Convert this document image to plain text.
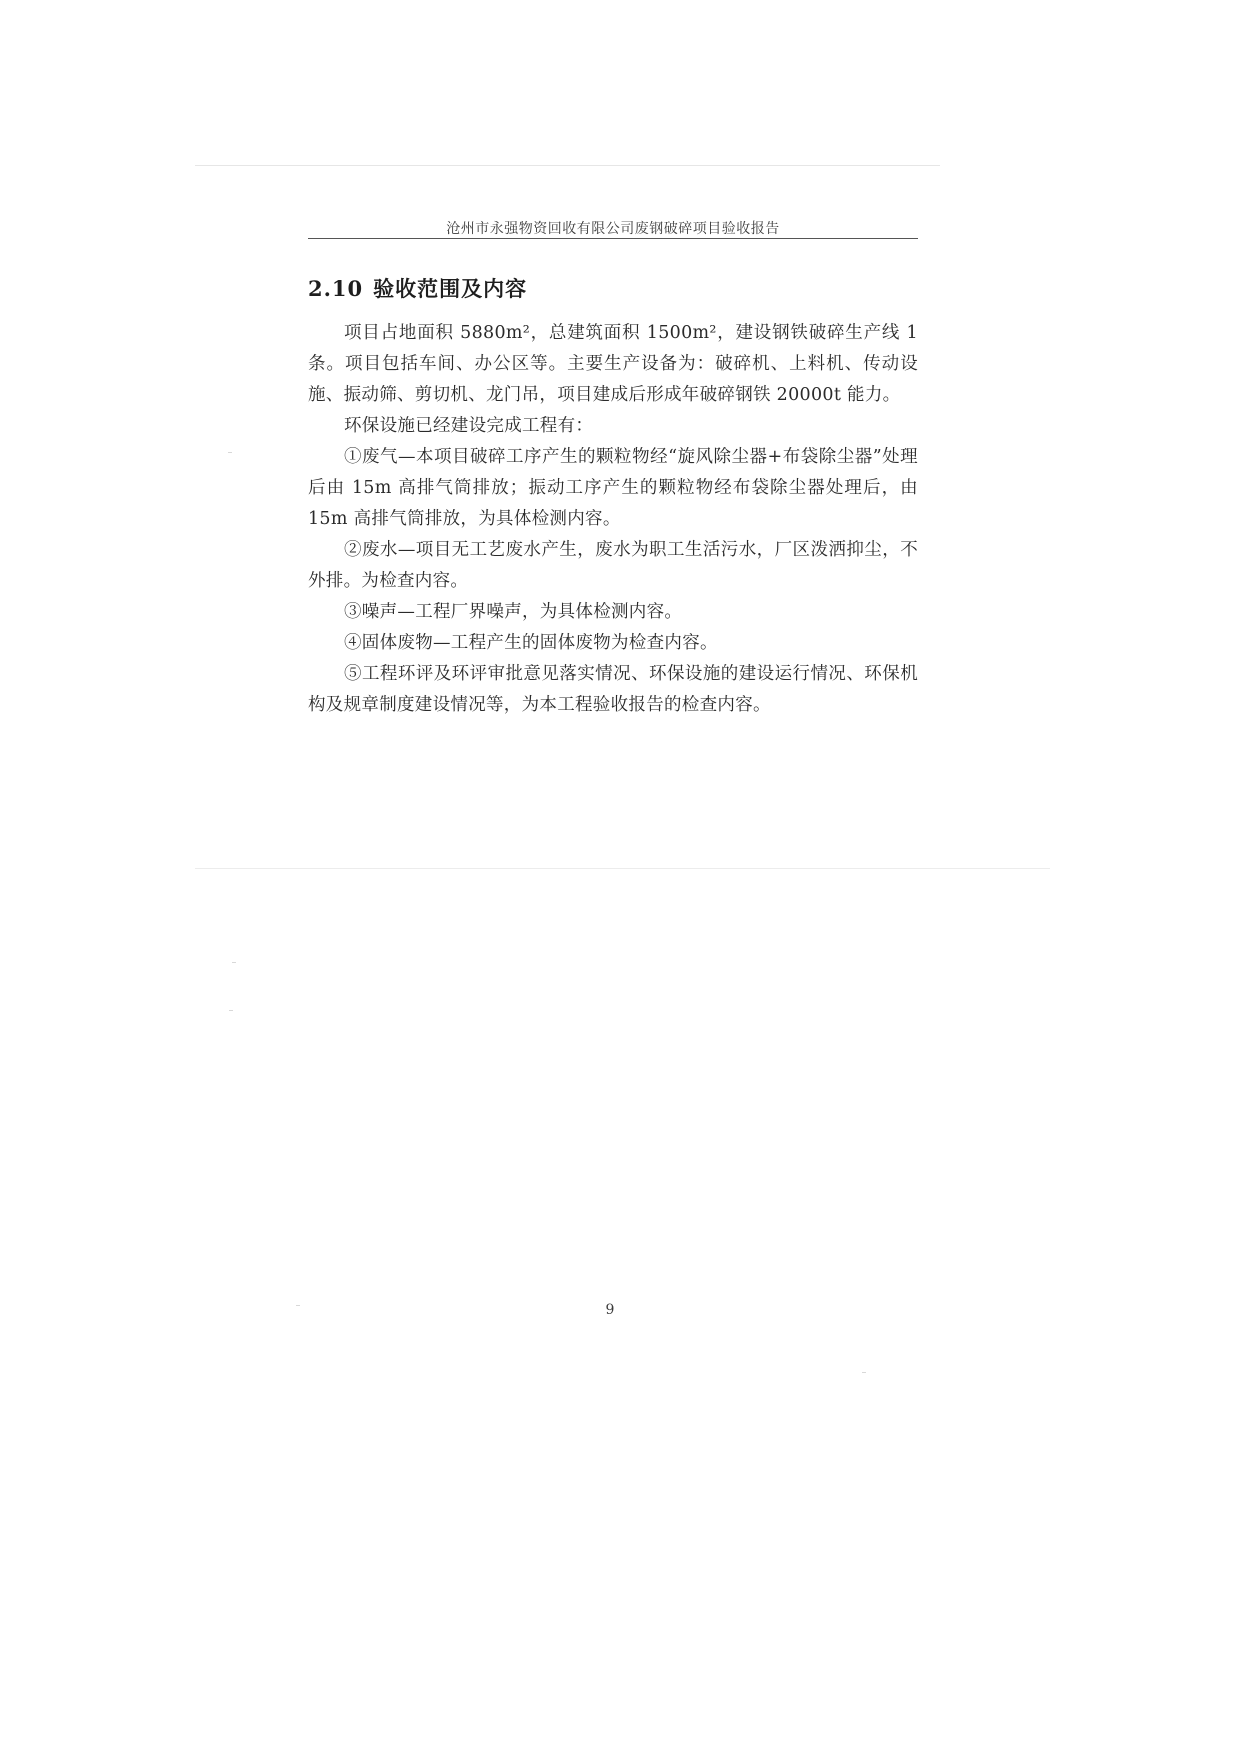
沧州市永强物资回收有限公司废钢破碎项目验收报告
2.10 验收范围及内容

项目占地面积 5880m²，总建筑面积 1500m²，建设钢铁破碎生产线 1 条。项目包括车间、办公区等。主要生产设备为：破碎机、上料机、传动设施、振动筛、剪切机、龙门吊，项目建成后形成年破碎钢铁 20000t 能力。

环保设施已经建设完成工程有：

①废气—本项目破碎工序产生的颗粒物经“旋风除尘器+布袋除尘器”处理后由 15m 高排气筒排放；振动工序产生的颗粒物经布袋除尘器处理后，由 15m 高排气筒排放，为具体检测内容。

②废水—项目无工艺废水产生，废水为职工生活污水，厂区泼洒抑尘，不外排。为检查内容。

③噪声—工程厂界噪声，为具体检测内容。

④固体废物—工程产生的固体废物为检查内容。

⑤工程环评及环评审批意见落实情况、环保设施的建设运行情况、环保机构及规章制度建设情况等，为本工程验收报告的检查内容。

9
